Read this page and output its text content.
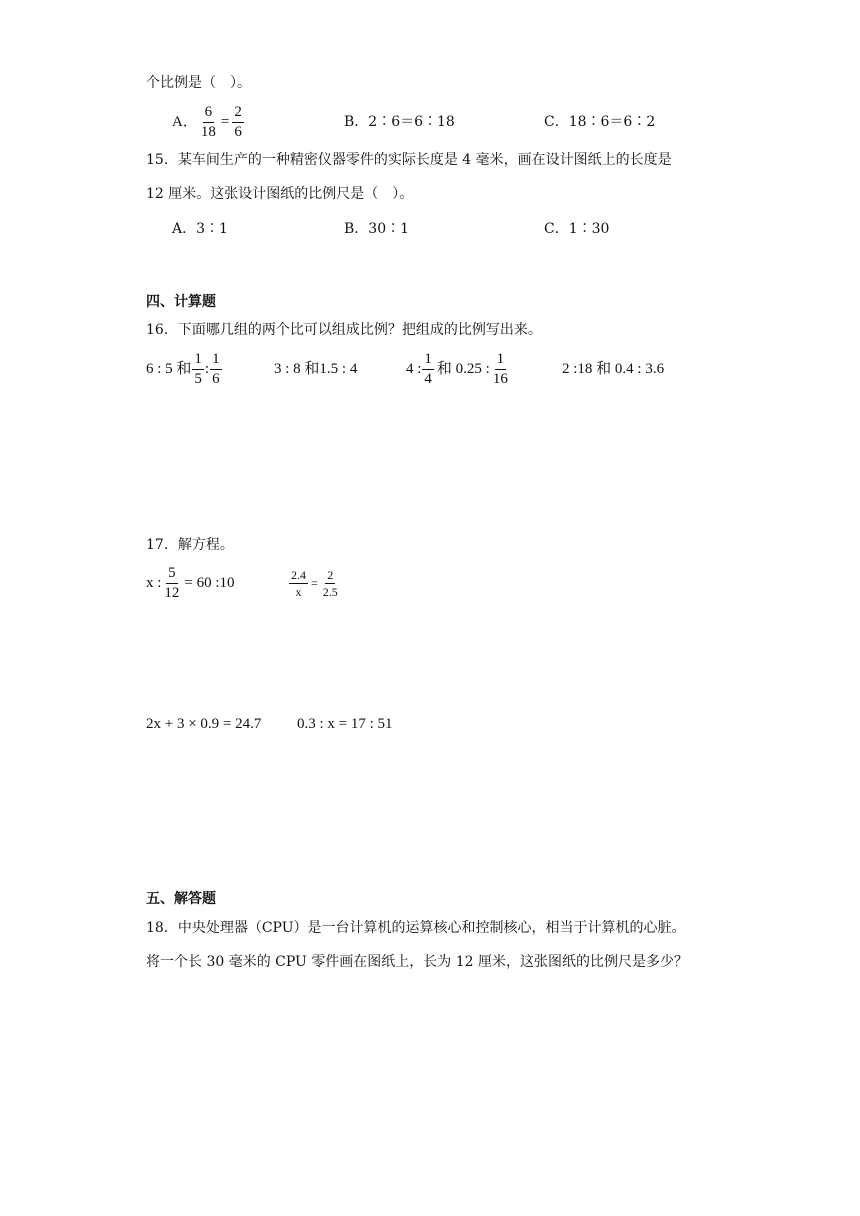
个比例是（　）。
A． $\frac{6}{18} = \frac{2}{6}$	B．2∶6＝6∶18	C．18∶6＝6∶2
15．某车间生产的一种精密仪器零件的实际长度是 4 毫米，画在设计图纸上的长度是
12 厘米。这张设计图纸的比例尺是（　）。
A．3∶1	B．30∶1	C．1∶30
四、计算题
16．下面哪几组的两个比可以组成比例？把组成的比例写出来。
6 : 5 和 $\frac{1}{5}$ : $\frac{1}{6}$	3 : 8 和1.5 : 4	4 : $\frac{1}{4}$ 和 0.25 : $\frac{1}{16}$	2 :18 和 0.4 : 3.6
17．解方程。
x : $\frac{5}{12} = 60$ :10	$\frac{2.4}{x} = \frac{2}{2.5}$
2x + 3 × 0.9 = 24.7 0.3 : x = 17 : 51
五、解答题
18．中央处理器（CPU）是一台计算机的运算核心和控制核心，相当于计算机的心脏。
将一个长 30 毫米的 CPU 零件画在图纸上，长为 12 厘米，这张图纸的比例尺是多少？
